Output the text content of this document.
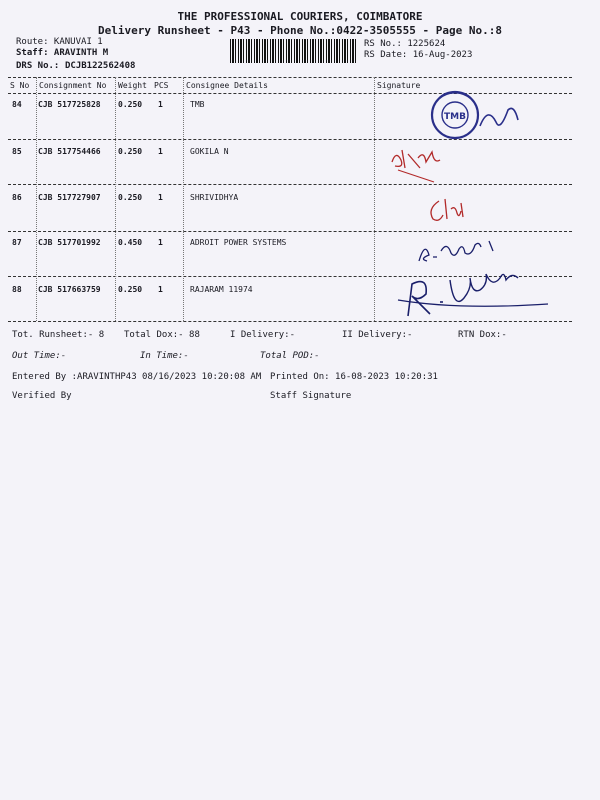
THE PROFESSIONAL COURIERS, COIMBATORE
Delivery Runsheet - P43 - Phone No.:0422-3505555 - Page No.:8
Route: KANUVAI 1
Staff: ARAVINTH M
DRS No.: DCJB122562408
RS No.: 1225624
RS Date: 16-Aug-2023
S No Consignment No Weight PCS Consignee Details	Signature
84 CJB 517725828 0.250 1	TMB
85 CJB 517754466 0.250 1	GOKILA N
86 CJB 517727907 0.250 1	SHRIVIDHYA
87 CJB 517701992 0.450 1	ADROIT POWER SYSTEMS
88 CJB 517663759 0.250 1	RAJARAM 11974
TMB
Tot. Runsheet:- 8 Total Dox:- 88	I Delivery:-	II Delivery:-	RTN Dox:-
Out Time:-	In Time:-	Total POD:-
Entered By :ARAVINTHP43 08/16/2023 10:20:08 AM Printed On: 16-08-2023 10:20:31
Verified By	Staff Signature
